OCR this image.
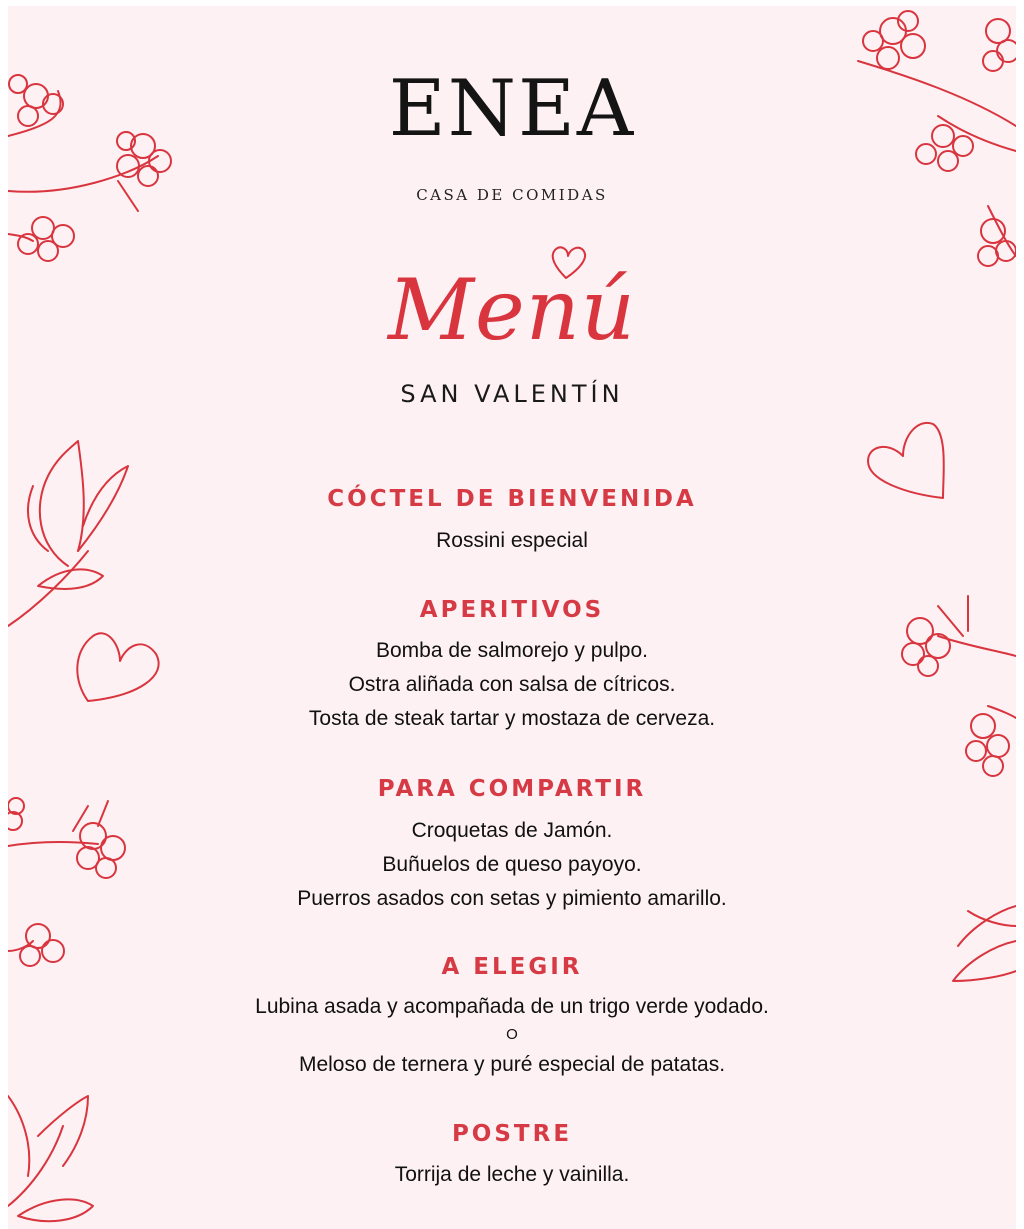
ENEA
CASA DE COMIDAS
Menú
SAN VALENTÍN
CÓCTEL DE BIENVENIDA
Rossini especial
APERITIVOS
Bomba de salmorejo y pulpo.
Ostra aliñada con salsa de cítricos.
Tosta de steak tartar y mostaza de cerveza.
PARA COMPARTIR
Croquetas de Jamón.
Buñuelos de queso payoyo.
Puerros asados con setas y pimiento amarillo.
A ELEGIR
Lubina asada y acompañada de un trigo verde yodado.
O
Meloso de ternera y puré especial de patatas.
POSTRE
Torrija de leche y vainilla.
